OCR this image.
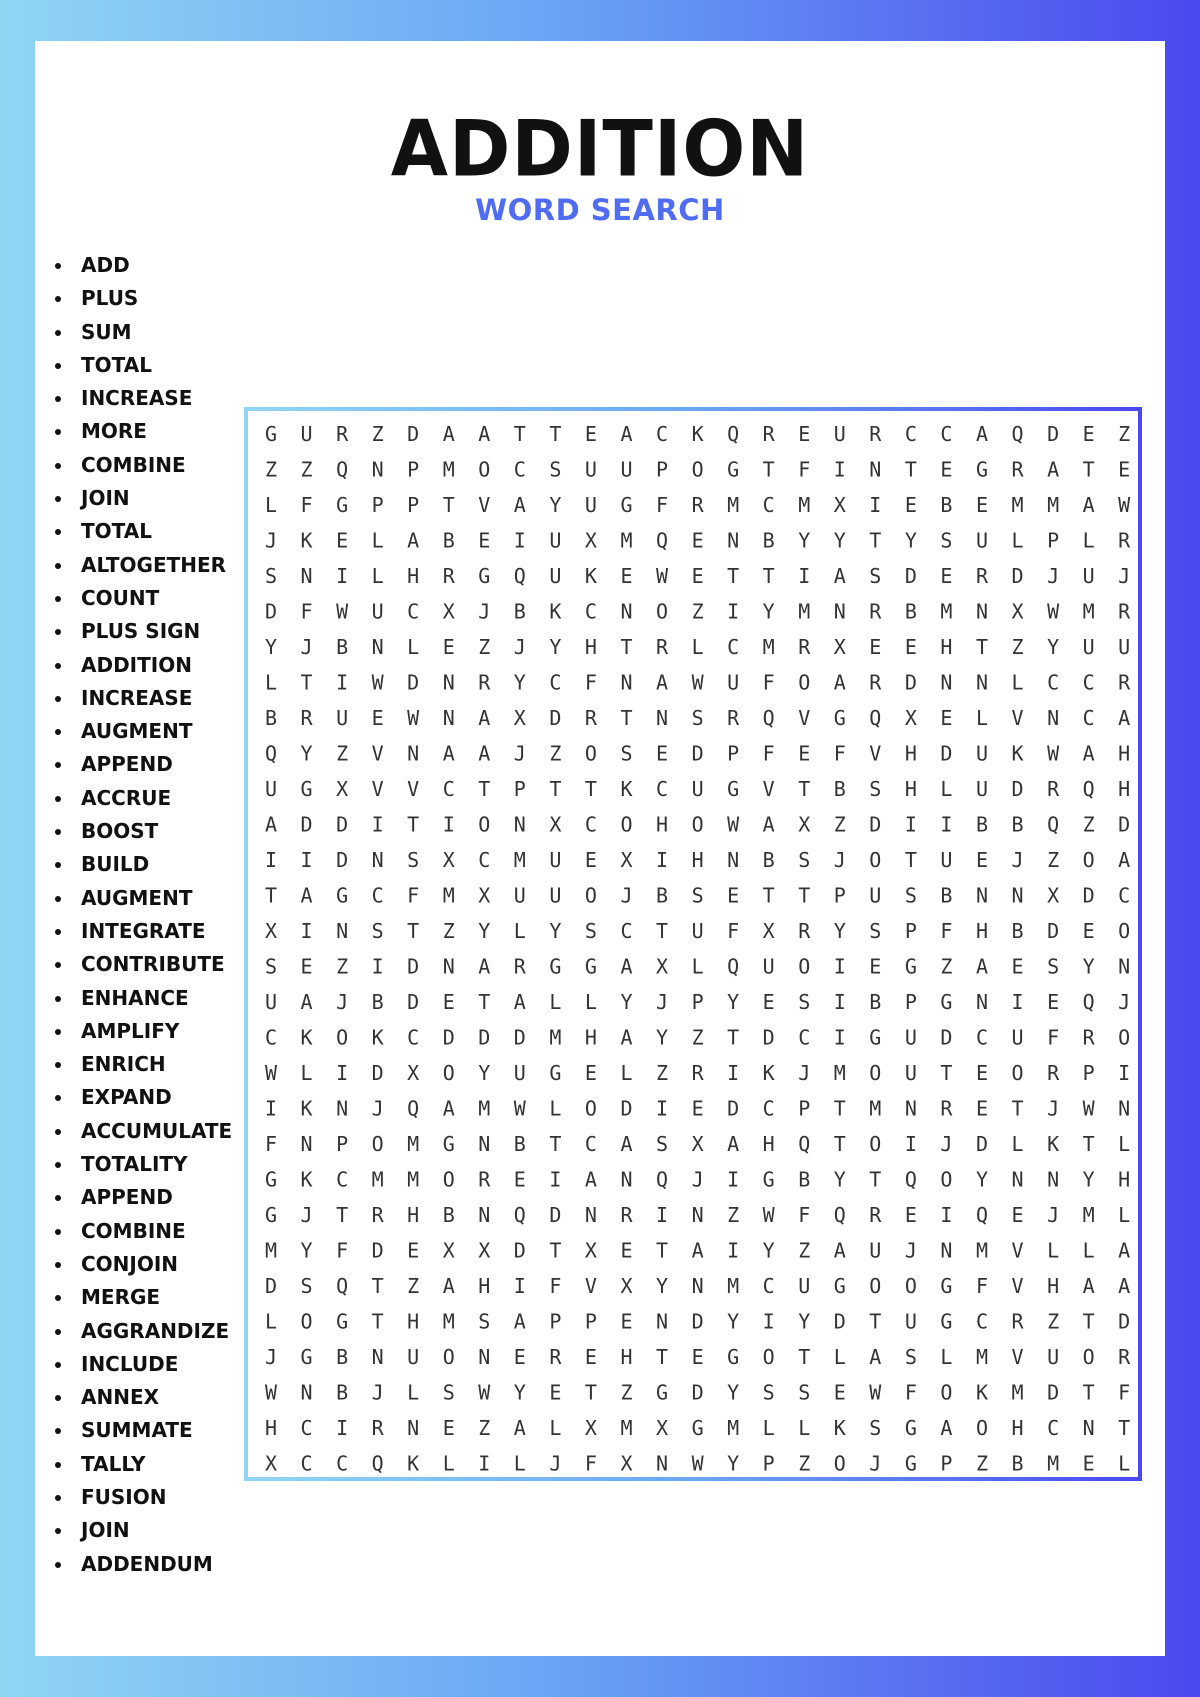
ADDITION
WORD SEARCH
ADD
PLUS
SUM
TOTAL
INCREASE
MORE
COMBINE
JOIN
TOTAL
ALTOGETHER
COUNT
PLUS SIGN
ADDITION
INCREASE
AUGMENT
APPEND
ACCRUE
BOOST
BUILD
AUGMENT
INTEGRATE
CONTRIBUTE
ENHANCE
AMPLIFY
ENRICH
EXPAND
ACCUMULATE
TOTALITY
APPEND
COMBINE
CONJOIN
MERGE
AGGRANDIZE
INCLUDE
ANNEX
SUMMATE
TALLY
FUSION
JOIN
ADDENDUM
G U R Z D A A T T E A C K Q R E U R C C A Q D E Z
Z Z Q N P M O C S U U P O G T F I N T E G R A T E
L F G P P T V A Y U G F R M C M X I E B E M M A W
J K E L A B E I U X M Q E N B Y Y T Y S U L P L R
S N I L H R G Q U K E W E T T I A S D E R D J U J
D F W U C X J B K C N O Z I Y M N R B M N X W M R
Y J B N L E Z J Y H T R L C M R X E E H T Z Y U U
L T I W D N R Y C F N A W U F O A R D N N L C C R
B R U E W N A X D R T N S R Q V G Q X E L V N C A
Q Y Z V N A A J Z O S E D P F E F V H D U K W A H
U G X V V C T P T T K C U G V T B S H L U D R Q H
A D D I T I O N X C O H O W A X Z D I I B B Q Z D
I I D N S X C M U E X I H N B S J O T U E J Z O A
T A G C F M X U U O J B S E T T P U S B N N X D C
X I N S T Z Y L Y S C T U F X R Y S P F H B D E O
S E Z I D N A R G G A X L Q U O I E G Z A E S Y N
U A J B D E T A L L Y J P Y E S I B P G N I E Q J
C K O K C D D D M H A Y Z T D C I G U D C U F R O
W L I D X O Y U G E L Z R I K J M O U T E O R P I
I K N J Q A M W L O D I E D C P T M N R E T J W N
F N P O M G N B T C A S X A H Q T O I J D L K T L
G K C M M O R E I A N Q J I G B Y T Q O Y N N Y H
G J T R H B N Q D N R I N Z W F Q R E I Q E J M L
M Y F D E X X D T X E T A I Y Z A U J N M V L L A
D S Q T Z A H I F V X Y N M C U G O O G F V H A A
L O G T H M S A P P E N D Y I Y D T U G C R Z T D
J G B N U O N E R E H T E G O T L A S L M V U O R
W N B J L S W Y E T Z G D Y S S E W F O K M D T F
H C I R N E Z A L X M X G M L L K S G A O H C N T
X C C Q K L I L J F X N W Y P Z O J G P Z B M E L
